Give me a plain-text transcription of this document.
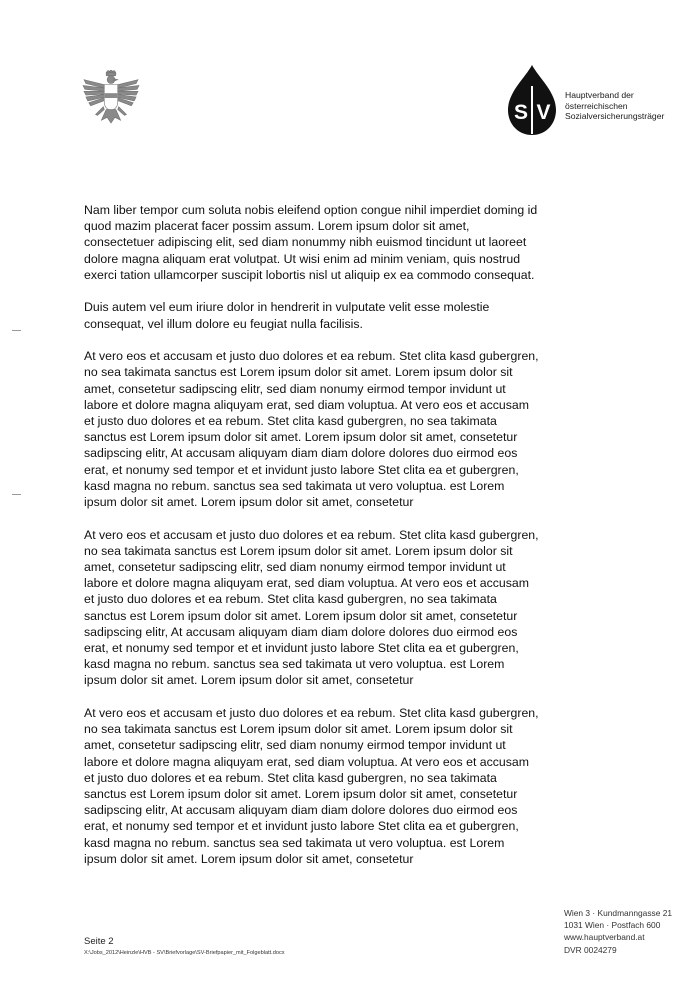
S V
Hauptverband der
österreichischen
Sozialversicherungsträger

Nam liber tempor cum soluta nobis eleifend option congue nihil imperdiet doming id
quod mazim placerat facer possim assum. Lorem ipsum dolor sit amet,
consectetuer adipiscing elit, sed diam nonummy nibh euismod tincidunt ut laoreet
dolore magna aliquam erat volutpat. Ut wisi enim ad minim veniam, quis nostrud
exerci tation ullamcorper suscipit lobortis nisl ut aliquip ex ea commodo consequat.

Duis autem vel eum iriure dolor in hendrerit in vulputate velit esse molestie
consequat, vel illum dolore eu feugiat nulla facilisis.

At vero eos et accusam et justo duo dolores et ea rebum. Stet clita kasd gubergren,
no sea takimata sanctus est Lorem ipsum dolor sit amet. Lorem ipsum dolor sit
amet, consetetur sadipscing elitr, sed diam nonumy eirmod tempor invidunt ut
labore et dolore magna aliquyam erat, sed diam voluptua. At vero eos et accusam
et justo duo dolores et ea rebum. Stet clita kasd gubergren, no sea takimata
sanctus est Lorem ipsum dolor sit amet. Lorem ipsum dolor sit amet, consetetur
sadipscing elitr, At accusam aliquyam diam diam dolore dolores duo eirmod eos
erat, et nonumy sed tempor et et invidunt justo labore Stet clita ea et gubergren,
kasd magna no rebum. sanctus sea sed takimata ut vero voluptua. est Lorem
ipsum dolor sit amet. Lorem ipsum dolor sit amet, consetetur

At vero eos et accusam et justo duo dolores et ea rebum. Stet clita kasd gubergren,
no sea takimata sanctus est Lorem ipsum dolor sit amet. Lorem ipsum dolor sit
amet, consetetur sadipscing elitr, sed diam nonumy eirmod tempor invidunt ut
labore et dolore magna aliquyam erat, sed diam voluptua. At vero eos et accusam
et justo duo dolores et ea rebum. Stet clita kasd gubergren, no sea takimata
sanctus est Lorem ipsum dolor sit amet. Lorem ipsum dolor sit amet, consetetur
sadipscing elitr, At accusam aliquyam diam diam dolore dolores duo eirmod eos
erat, et nonumy sed tempor et et invidunt justo labore Stet clita ea et gubergren,
kasd magna no rebum. sanctus sea sed takimata ut vero voluptua. est Lorem
ipsum dolor sit amet. Lorem ipsum dolor sit amet, consetetur

At vero eos et accusam et justo duo dolores et ea rebum. Stet clita kasd gubergren,
no sea takimata sanctus est Lorem ipsum dolor sit amet. Lorem ipsum dolor sit
amet, consetetur sadipscing elitr, sed diam nonumy eirmod tempor invidunt ut
labore et dolore magna aliquyam erat, sed diam voluptua. At vero eos et accusam
et justo duo dolores et ea rebum. Stet clita kasd gubergren, no sea takimata
sanctus est Lorem ipsum dolor sit amet. Lorem ipsum dolor sit amet, consetetur
sadipscing elitr, At accusam aliquyam diam diam dolore dolores duo eirmod eos
erat, et nonumy sed tempor et et invidunt justo labore Stet clita ea et gubergren,
kasd magna no rebum. sanctus sea sed takimata ut vero voluptua. est Lorem
ipsum dolor sit amet. Lorem ipsum dolor sit amet, consetetur

Seite 2
X:\Jobs_2012\Heinzle\HVB - SV\Briefvorlage\SV-Briefpapier_mit_Folgeblatt.docx
Wien 3 · Kundmanngasse 21
1031 Wien · Postfach 600
www.hauptverband.at
DVR 0024279
